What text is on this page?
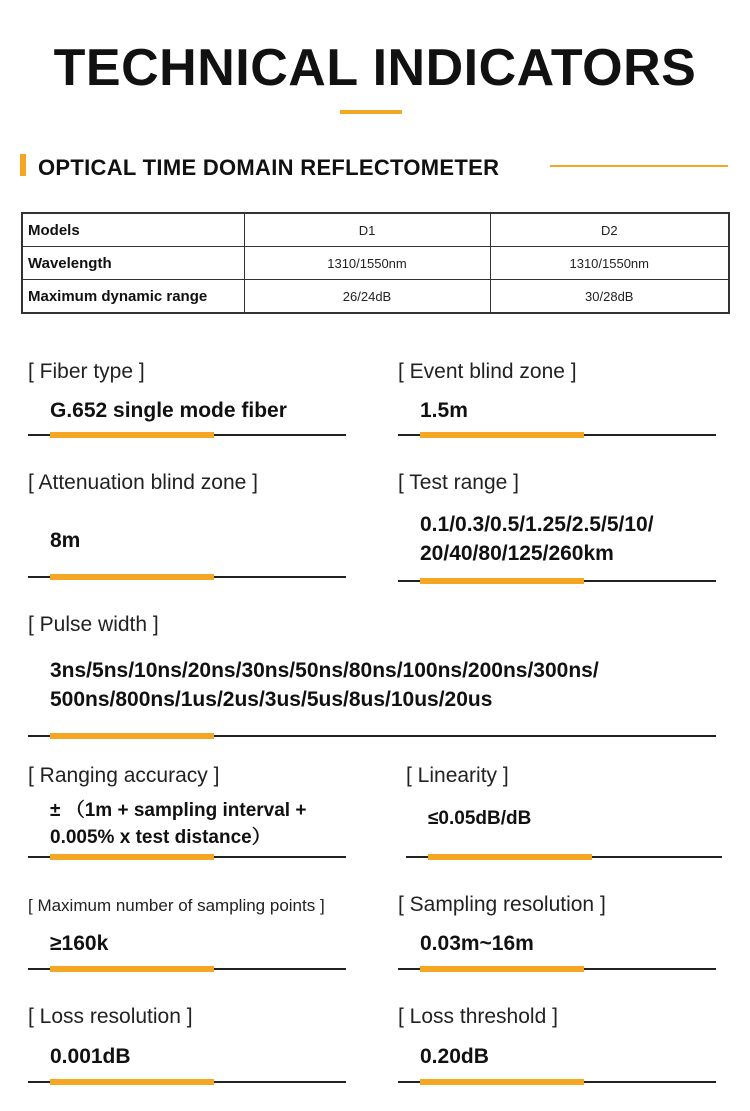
TECHNICAL INDICATORS
OPTICAL TIME DOMAIN REFLECTOMETER
Models	D1	D2
Wavelength	1310/1550nm	1310/1550nm
Maximum dynamic range	26/24dB	30/28dB
[ Fiber type ]
G.652 single mode fiber
[ Event blind zone ]
1.5m
[ Attenuation blind zone ]
8m
[ Test range ]
0.1/0.3/0.5/1.25/2.5/5/10/
20/40/80/125/260km
[ Pulse width ]
3ns/5ns/10ns/20ns/30ns/50ns/80ns/100ns/200ns/300ns/
500ns/800ns/1us/2us/3us/5us/8us/10us/20us
[ Ranging accuracy ]
± （1m + sampling interval +
0.005% x test distance）
[ Linearity ]
≤0.05dB/dB
[ Maximum number of sampling points ]
≥160k
[ Sampling resolution ]
0.03m~16m
[ Loss resolution ]
0.001dB
[ Loss threshold ]
0.20dB
